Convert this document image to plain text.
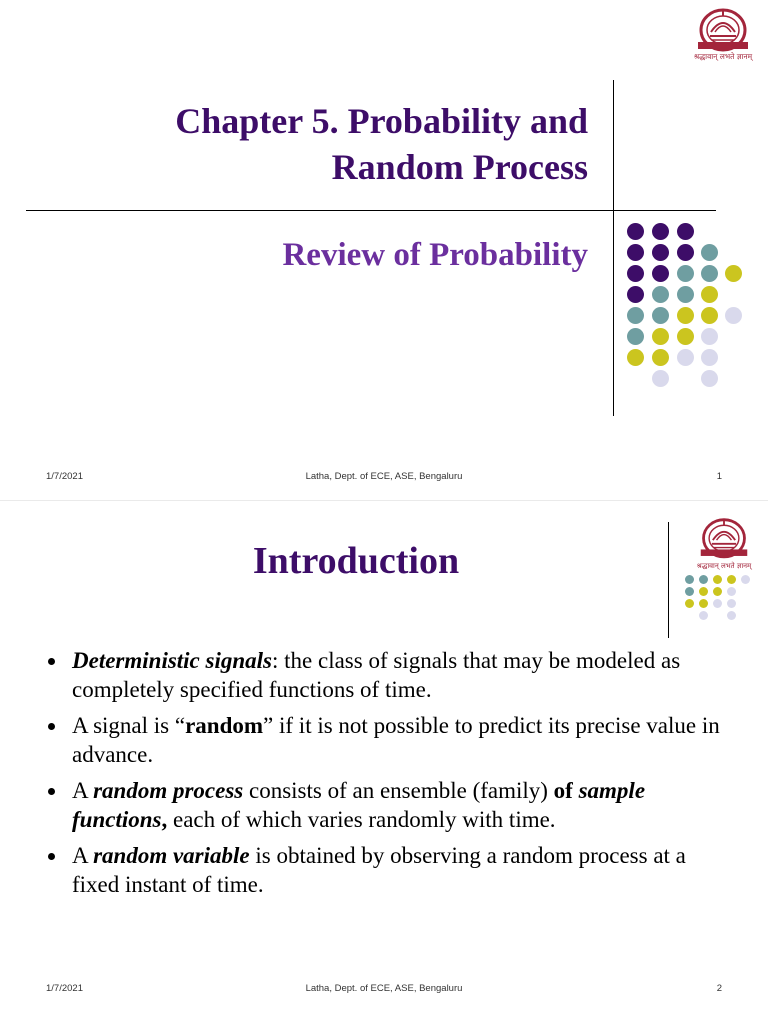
श्रद्धावान् लभते ज्ञानम्
Chapter 5. Probability and
Random Process
Review of Probability
1/7/2021	Latha, Dept. of ECE, ASE, Bengaluru	1
श्रद्धावान् लभते ज्ञानम्
Introduction
Deterministic signals: the class of signals that may be modeled as completely specified functions of time.
A signal is “random” if it is not possible to predict its precise value in advance.
A random process consists of an ensemble (family) of sample functions, each of which varies randomly with time.
A random variable is obtained by observing a random process at a fixed instant of time.
1/7/2021	Latha, Dept. of ECE, ASE, Bengaluru	2
